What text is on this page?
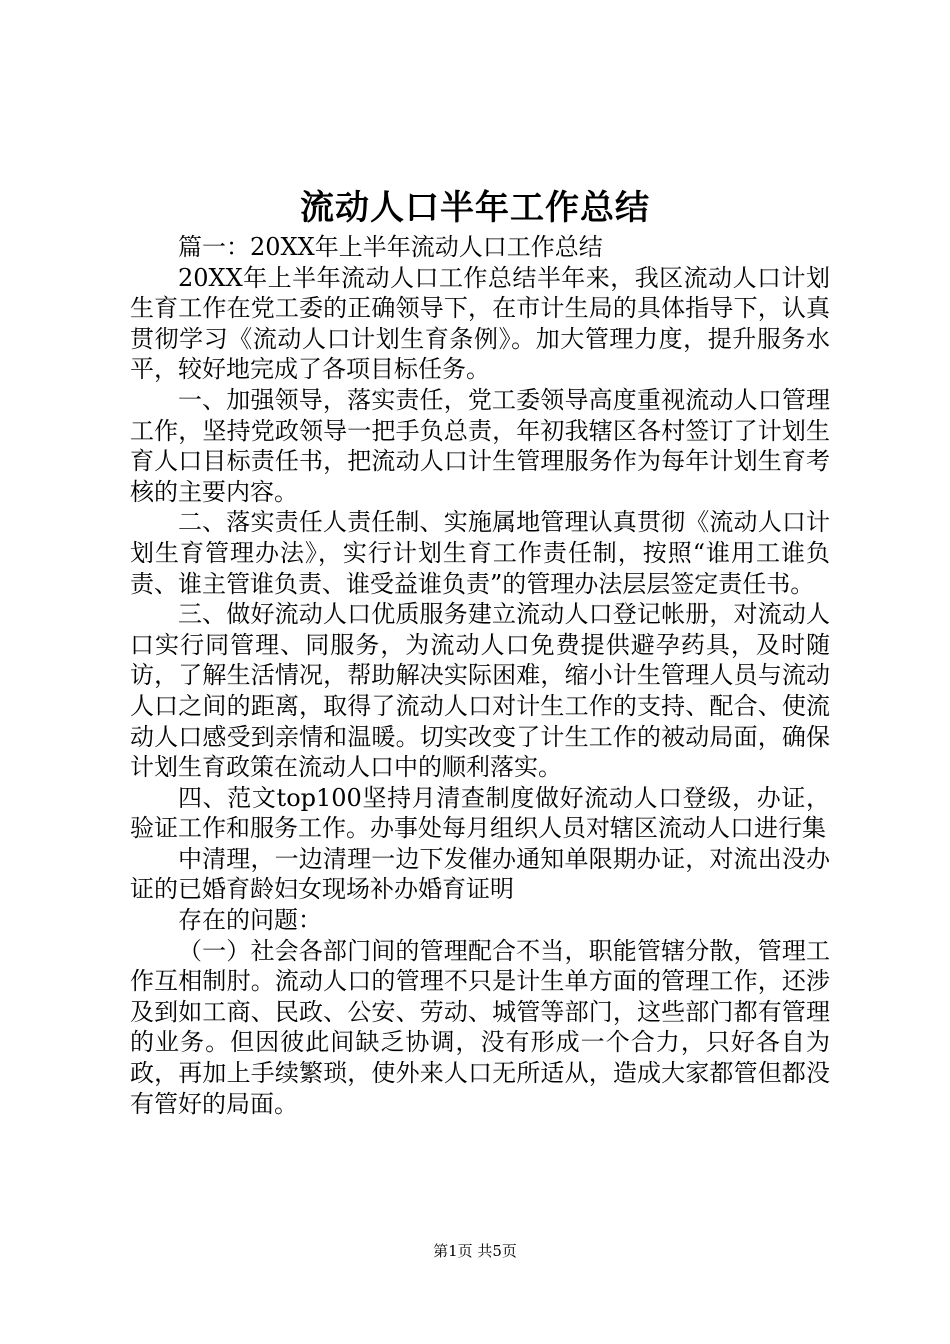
流动人口半年工作总结

篇一：20XX年上半年流动人口工作总结

20XX年上半年流动人口工作总结半年来，我区流动人口计划生育工作在党工委的正确领导下，在市计生局的具体指导下，认真贯彻学习《流动人口计划生育条例》。加大管理力度，提升服务水平，较好地完成了各项目标任务。

一、加强领导，落实责任，党工委领导高度重视流动人口管理工作，坚持党政领导一把手负总责，年初我辖区各村签订了计划生育人口目标责任书，把流动人口计生管理服务作为每年计划生育考核的主要内容。

二、落实责任人责任制、实施属地管理认真贯彻《流动人口计划生育管理办法》，实行计划生育工作责任制，按照“谁用工谁负责、谁主管谁负责、谁受益谁负责”的管理办法层层签定责任书。

三、做好流动人口优质服务建立流动人口登记帐册，对流动人口实行同管理、同服务，为流动人口免费提供避孕药具，及时随访，了解生活情况，帮助解决实际困难，缩小计生管理人员与流动人口之间的距离，取得了流动人口对计生工作的支持、配合、使流动人口感受到亲情和温暖。切实改变了计生工作的被动局面，确保计划生育政策在流动人口中的顺利落实。

四、范文top100坚持月清查制度做好流动人口登级，办证，验证工作和服务工作。办事处每月组织人员对辖区流动人口进行集

中清理，一边清理一边下发催办通知单限期办证，对流出没办证的已婚育龄妇女现场补办婚育证明

存在的问题：

（一）社会各部门间的管理配合不当，职能管辖分散，管理工作互相制肘。流动人口的管理不只是计生单方面的管理工作，还涉及到如工商、民政、公安、劳动、城管等部门，这些部门都有管理的业务。但因彼此间缺乏协调，没有形成一个合力，只好各自为政，再加上手续繁琐，使外来人口无所适从，造成大家都管但都没有管好的局面。

第1页 共5页
